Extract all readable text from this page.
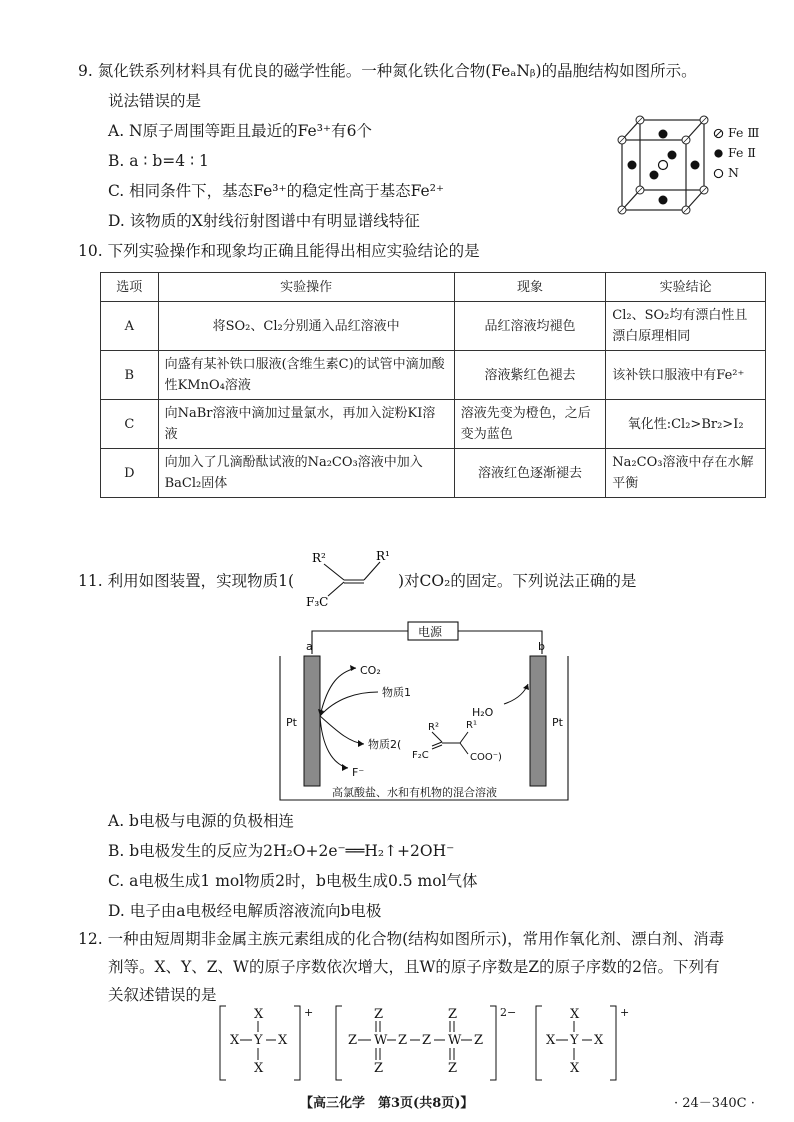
9. 氮化铁系列材料具有优良的磁学性能。一种氮化铁化合物(FeₐNᵦ)的晶胞结构如图所示。
说法错误的是
A. N原子周围等距且最近的Fe³⁺有6个
B. a ∶ b=4 ∶ 1
C. 相同条件下，基态Fe³⁺的稳定性高于基态Fe²⁺
D. 该物质的X射线衍射图谱中有明显谱线特征
Fe Ⅲ
Fe Ⅱ
N
10. 下列实验操作和现象均正确且能得出相应实验结论的是
选项	实验操作	现象	实验结论
A	将SO₂、Cl₂分别通入品红溶液中	品红溶液均褪色	Cl₂、SO₂均有漂白性且漂白原理相同
B	向盛有某补铁口服液(含维生素C)的试管中滴加酸性KMnO₄溶液	溶液紫红色褪去	该补铁口服液中有Fe²⁺
C	向NaBr溶液中滴加过量氯水，再加入淀粉KI溶液	溶液先变为橙色，之后变为蓝色	氧化性:Cl₂>Br₂>I₂
D	向加入了几滴酚酞试液的Na₂CO₃溶液中加入BaCl₂固体	溶液红色逐渐褪去	Na₂CO₃溶液中存在水解平衡
11. 利用如图装置，实现物质1(
R²	R¹
F₃C
)对CO₂的固定。下列说法正确的是
电源
a	b
Pt	Pt
CO₂
物质1
H₂O
物质2(
R²	R¹
F₂C	COO⁻)
F⁻
高氯酸盐、水和有机物的混合溶液
A. b电极与电源的负极相连
B. b电极发生的反应为2H₂O+2e⁻══H₂↑+2OH⁻
C. a电极生成1 mol物质2时，b电极生成0.5 mol气体
D. 电子由a电极经电解质溶液流向b电极
12. 一种由短周期非金属主族元素组成的化合物(结构如图所示)，常用作氧化剂、漂白剂、消毒
剂等。X、Y、Z、W的原子序数依次增大，且W的原子序数是Z的原子序数的2倍。下列有
关叙述错误的是
X
X Y X
X
+	Z
Z W Z Z W Z
Z
Z
Z
2−	X
X Y X
X
+
【高三化学　第3页(共8页)】	· 24－340C ·
